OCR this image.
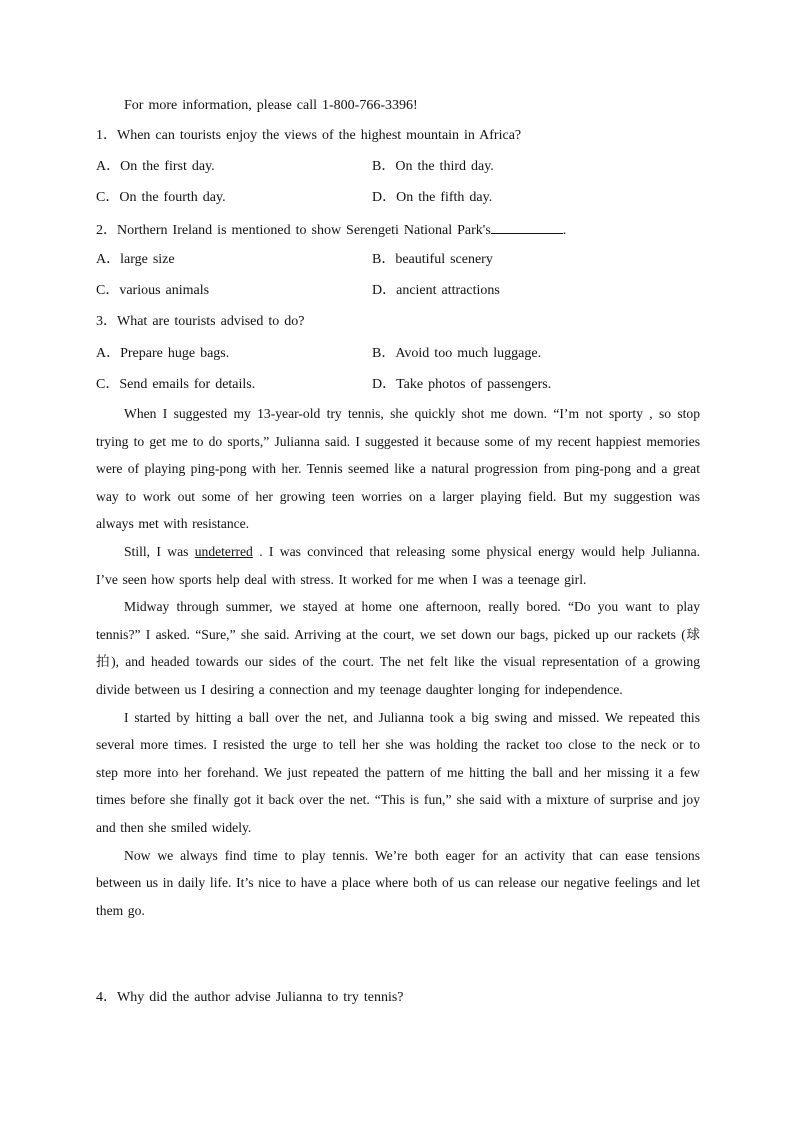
For more information, please call 1-800-766-3396!
1．When can tourists enjoy the views of the highest mountain in Africa?
A．On the first day.	B．On the third day.
C．On the fourth day.	D．On the fifth day.
2．Northern Ireland is mentioned to show Serengeti National Park's	.
A．large size	B．beautiful scenery
C．various animals	D．ancient attractions
3．What are tourists advised to do?
A．Prepare huge bags.	B．Avoid too much luggage.
C．Send emails for details.	D．Take photos of passengers.

When I suggested my 13-year-old try tennis, she quickly shot me down. “I’m not sporty , so stop trying to get me to do sports,” Julianna said. I suggested it because some of my recent happiest memories were of playing ping-pong with her. Tennis seemed like a natural progression from ping-pong and a great way to work out some of her growing teen worries on a larger playing field. But my suggestion was always met with resistance.

Still, I was undeterred . I was convinced that releasing some physical energy would help Julianna. I’ve seen how sports help deal with stress. It worked for me when I was a teenage girl.

Midway through summer, we stayed at home one afternoon, really bored. “Do you want to play tennis?” I asked. “Sure,” she said. Arriving at the court, we set down our bags, picked up our rackets (球拍), and headed towards our sides of the court. The net felt like the visual representation of a growing divide between us I desiring a connection and my teenage daughter longing for independence.

I started by hitting a ball over the net, and Julianna took a big swing and missed. We repeated this several more times. I resisted the urge to tell her she was holding the racket too close to the neck or to step more into her forehand. We just repeated the pattern of me hitting the ball and her missing it a few times before she finally got it back over the net. “This is fun,” she said with a mixture of surprise and joy and then she smiled widely.

Now we always find time to play tennis. We’re both eager for an activity that can ease tensions between us in daily life. It’s nice to have a place where both of us can release our negative feelings and let them go.

4．Why did the author advise Julianna to try tennis?
